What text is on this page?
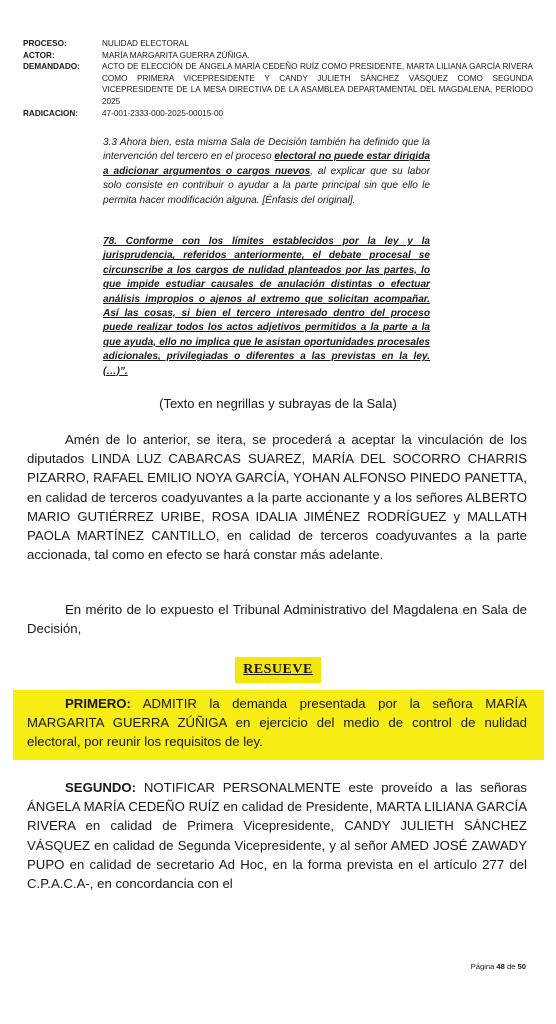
PROCESO:	NULIDAD ELECTORAL
ACTOR:	MARÍA MARGARITA GUERRA ZÚÑIGA.
DEMANDADO:	ACTO DE ELECCIÓN DE ÁNGELA MARÍA CEDEÑO RUÍZ COMO PRESIDENTE, MARTA LILIANA GARCÍA RIVERA COMO PRIMERA VICEPRESIDENTE Y CANDY JULIETH SÁNCHEZ VÁSQUEZ COMO SEGUNDA VICEPRESIDENTE DE LA MESA DIRECTIVA DE LA ASAMBLEA DEPARTAMENTAL DEL MAGDALENA, PERÍODO 2025
RADICACION:	47-001-2333-000-2025-00015-00
3.3 Ahora bien, esta misma Sala de Decisión también ha definido que la intervención del tercero en el proceso electoral no puede estar dirigida a adicionar argumentos o cargos nuevos, al explicar que su labor solo consiste en contribuir o ayudar a la parte principal sin que ello le permita hacer modificación alguna. [Énfasis del original].
78. Conforme con los límites establecidos por la ley y la jurisprudencia, referidos anteriormente, el debate procesal se circunscribe a los cargos de nulidad planteados por las partes, lo que impide estudiar causales de anulación distintas o efectuar análisis impropios o ajenos al extremo que solicitan acompañar. Así las cosas, si bien el tercero interesado dentro del proceso puede realizar todos los actos adjetivos permitidos a la parte a la que ayuda, ello no implica que le asistan oportunidades procesales adicionales, privilegiadas o diferentes a las previstas en la ley. (…)”.
(Texto en negrillas y subrayas de la Sala)
Amén de lo anterior, se itera, se procederá a aceptar la vinculación de los diputados LINDA LUZ CABARCAS SUAREZ, MARÍA DEL SOCORRO CHARRIS PIZARRO, RAFAEL EMILIO NOYA GARCÍA, YOHAN ALFONSO PINEDO PANETTA, en calidad de terceros coadyuvantes a la parte accionante y a los señores ALBERTO MARIO GUTIÉRREZ URIBE, ROSA IDALIA JIMÉNEZ RODRÍGUEZ y MALLATH PAOLA MARTÍNEZ CANTILLO, en calidad de terceros coadyuvantes a la parte accionada, tal como en efecto se hará constar más adelante.
En mérito de lo expuesto el Tribunal Administrativo del Magdalena en Sala de Decisión,
RESUEVE
PRIMERO: ADMITIR la demanda presentada por la señora MARÍA MARGARITA GUERRA ZÚÑIGA en ejercicio del medio de control de nulidad electoral, por reunir los requisitos de ley.
SEGUNDO: NOTIFICAR PERSONALMENTE este proveído a las señoras ÁNGELA MARÍA CEDEÑO RUÍZ en calidad de Presidente, MARTA LILIANA GARCÍA RIVERA en calidad de Primera Vicepresidente, CANDY JULIETH SÁNCHEZ VÁSQUEZ en calidad de Segunda Vicepresidente, y al señor AMED JOSÉ ZAWADY PUPO en calidad de secretario Ad Hoc, en la forma prevista en el artículo 277 del C.P.A.C.A-, en concordancia con el
Página 48 de 50
